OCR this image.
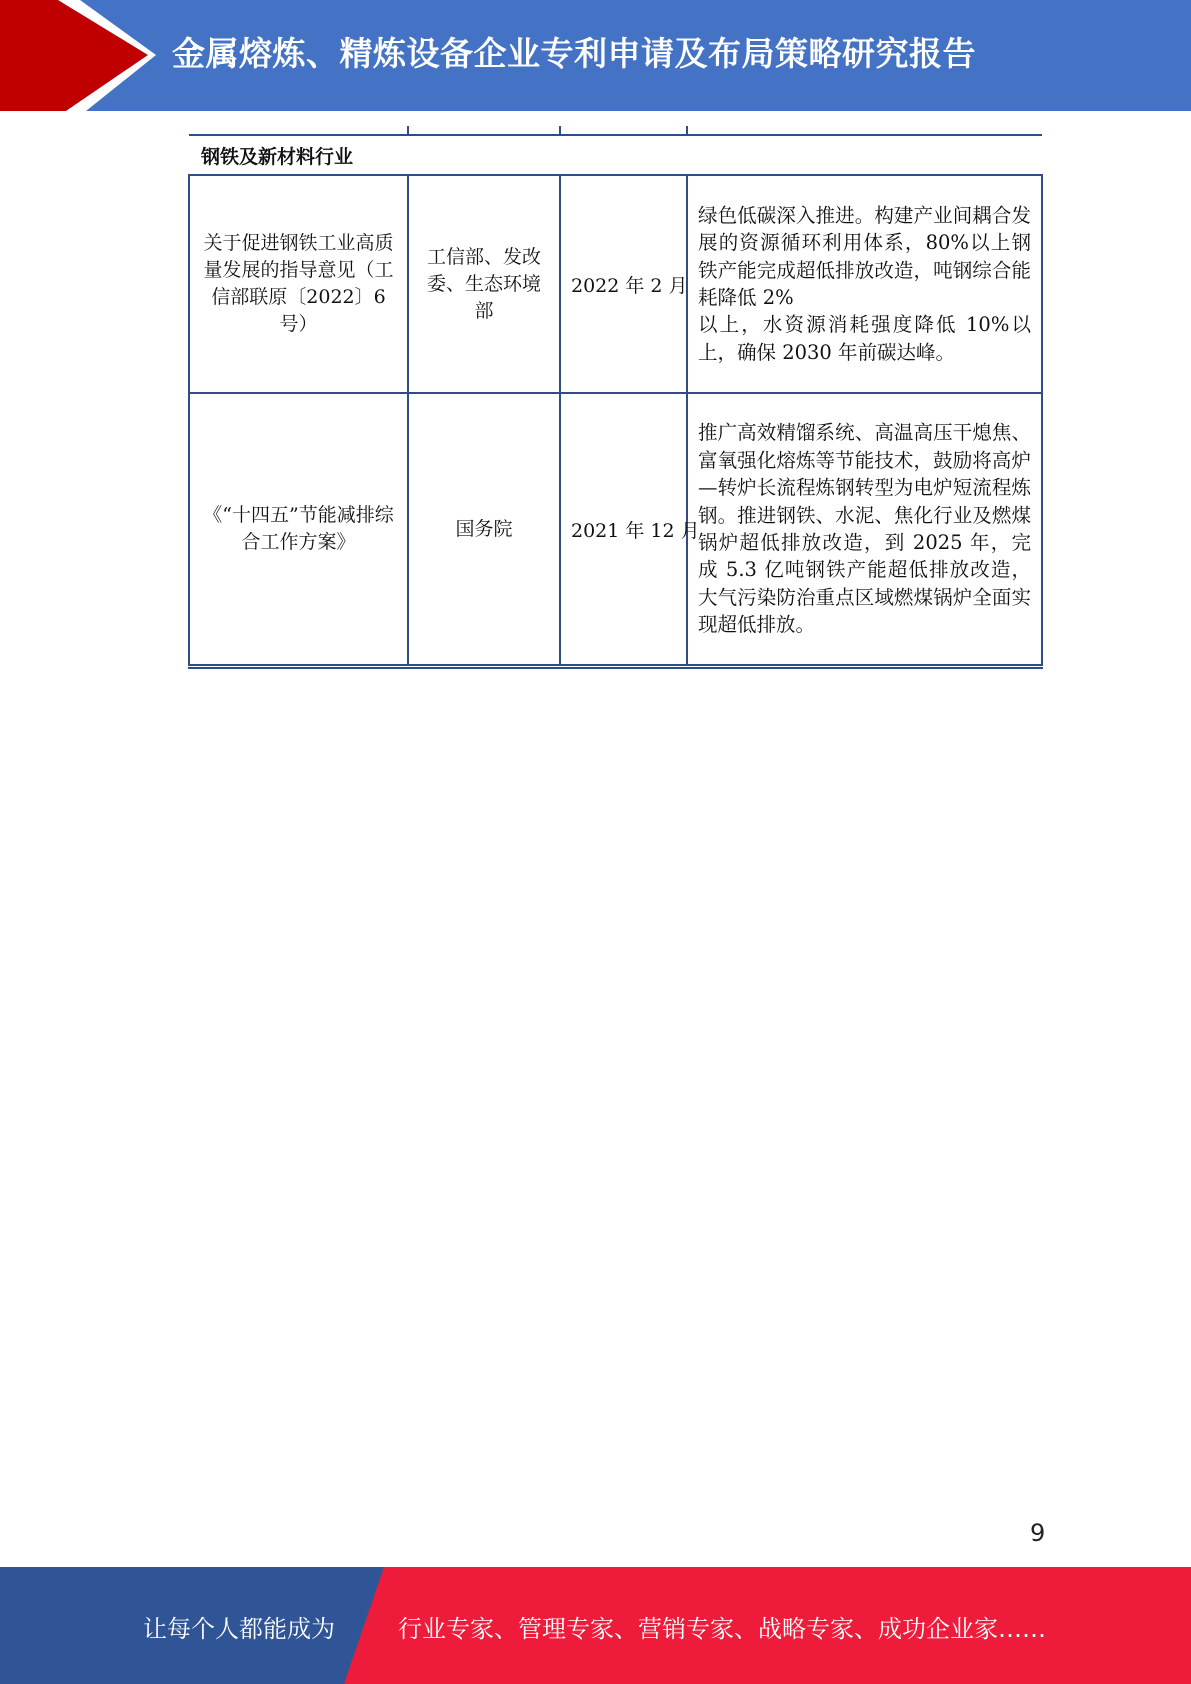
金属熔炼、精炼设备企业专利申请及布局策略研究报告

钢铁及新材料行业			
关于促进钢铁工业高质量发展的指导意见（工信部联原〔2022〕6号）	工信部、发改委、生态环境部	2022 年 2 月	绿色低碳深入推进。构建产业间耦合发展的资源循环利用体系，80%以上钢铁产能完成超低排放改造，吨钢综合能耗降低 2%
以上，水资源消耗强度降低 10%以上，确保 2030 年前碳达峰。

《“十四五”节能减排综合工作方案》	国务院	2021 年 12 月	推广高效精馏系统、高温高压干熄焦、富氧强化熔炼等节能技术，鼓励将高炉—转炉长流程炼钢转型为电炉短流程炼钢。推进钢铁、水泥、焦化行业及燃煤锅炉超低排放改造，到 2025 年，完成 5.3 亿吨钢铁产能超低排放改造，大气污染防治重点区域燃煤锅炉全面实现超低排放。
9
让每个人都能成为	行业专家、管理专家、营销专家、战略专家、成功企业家……
